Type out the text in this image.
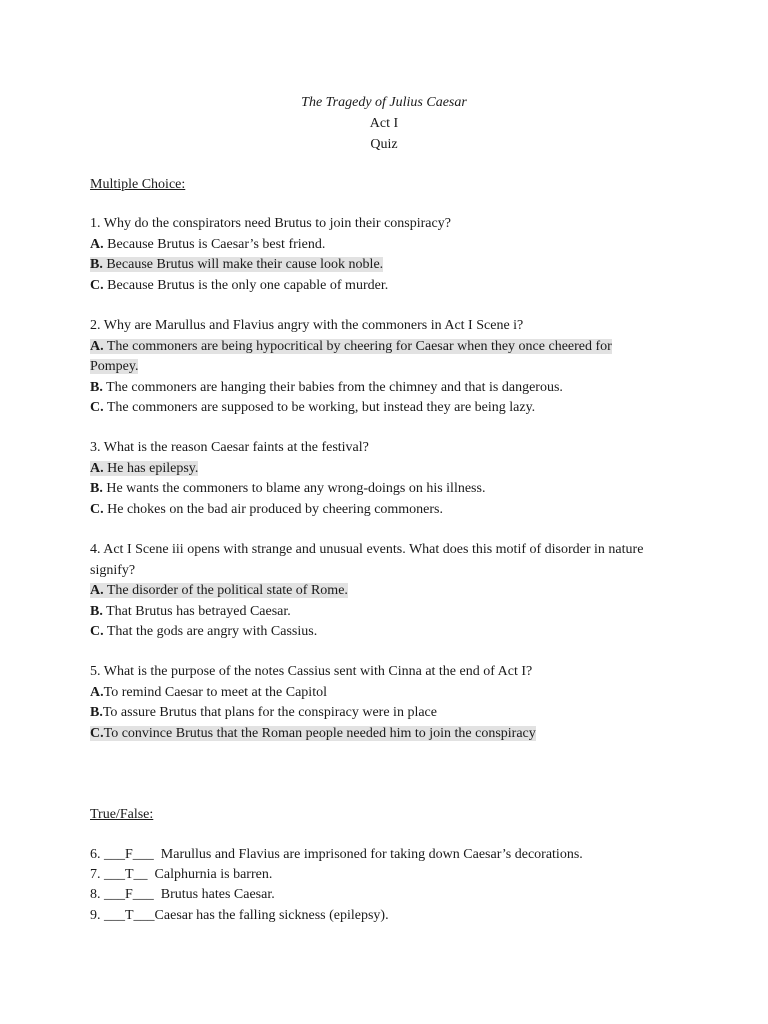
The Tragedy of Julius Caesar
Act I
Quiz
Multiple Choice:

1. Why do the conspirators need Brutus to join their conspiracy?

A. Because Brutus is Caesar’s best friend.

B. Because Brutus will make their cause look noble.

C. Because Brutus is the only one capable of murder.

2. Why are Marullus and Flavius angry with the commoners in Act I Scene i?

A. The commoners are being hypocritical by cheering for Caesar when they once cheered for Pompey.

B. The commoners are hanging their babies from the chimney and that is dangerous.

C. The commoners are supposed to be working, but instead they are being lazy.

3. What is the reason Caesar faints at the festival?

A. He has epilepsy.

B. He wants the commoners to blame any wrong-doings on his illness.

C. He chokes on the bad air produced by cheering commoners.

4. Act I Scene iii opens with strange and unusual events. What does this motif of disorder in nature signify?

A. The disorder of the political state of Rome.

B. That Brutus has betrayed Caesar.

C. That the gods are angry with Cassius.

5. What is the purpose of the notes Cassius sent with Cinna at the end of Act I?

A.To remind Caesar to meet at the Capitol

B.To assure Brutus that plans for the conspiracy were in place

C.To convince Brutus that the Roman people needed him to join the conspiracy

True/False:
6. ___F___  Marullus and Flavius are imprisoned for taking down Caesar’s decorations.
7. ___T__  Calphurnia is barren.
8. ___F___  Brutus hates Caesar.
9. ___T___Caesar has the falling sickness (epilepsy).
